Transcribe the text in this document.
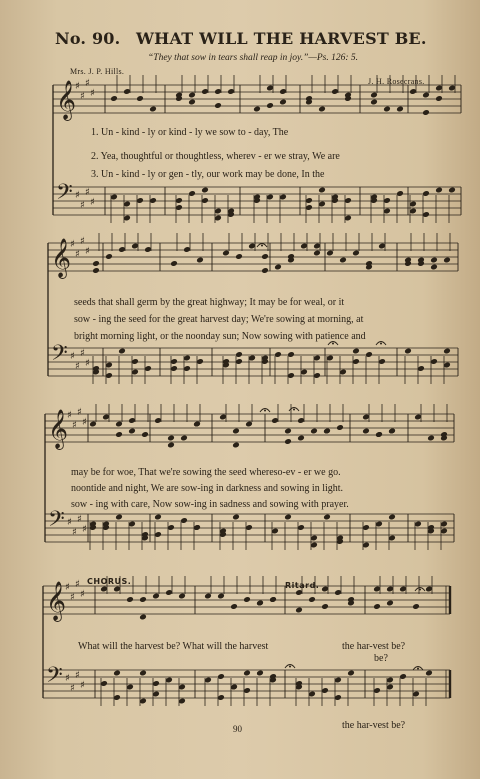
No. 90. WHAT WILL THE HARVEST BE.
“They that sow in tears shall reap in joy.”—Ps. 126: 5.
Mrs. J. P. Hills.
J. H. Rosecrans.
𝄞
♯
♯
♯
♯
𝄢 ♯
♯
♯
♯
𝄞
♯
♯
♯
♯
𝄢 ♯
♯
♯
♯
𝄞
♯
♯
♯
♯
𝄢 ♯
♯
♯
♯
𝄞
♯
♯
♯
♯
𝄢 ♯
♯
♯
♯
1. Un - kind - ly or kind - ly we sow to - day, The
2. Yea, thoughtful or thoughtless, wherev - er we stray, We are
3. Un - kind - ly or gen - tly, our work may be done, In the
seeds that shall germ by the great highway; It may be for weal, or it
sow - ing the seed for the great harvest day; We're sowing at morning, at
bright morning light, or the noonday sun; Now sowing with patience and
may be for woe, That we're sowing the seed whereso-ev - er we go.
noontide and night, We are sow-ing in darkness and sowing in light.
sow - ing with care, Now sow-ing in sadness and sowing with prayer.
CHORUS.	Ritard.
What will the harvest be? What will the harvest	the har-vest be?
be?
the har-vest be?
90
